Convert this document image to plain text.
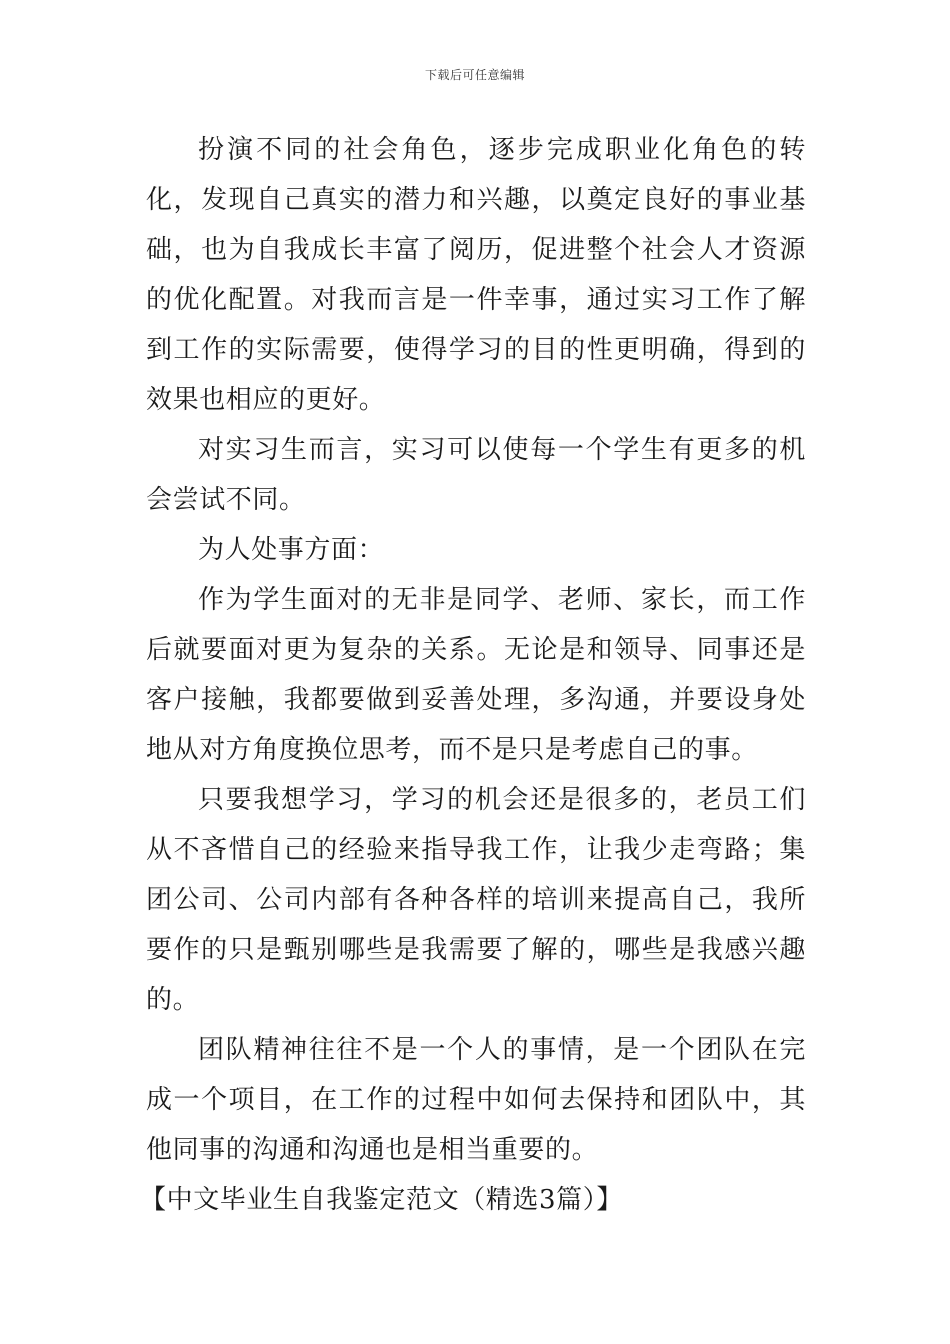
下载后可任意编辑

扮演不同的社会角色，逐步完成职业化角色的转化，发现自己真实的潜力和兴趣，以奠定良好的事业基础，也为自我成长丰富了阅历，促进整个社会人才资源的优化配置。对我而言是一件幸事，通过实习工作了解到工作的实际需要，使得学习的目的性更明确，得到的效果也相应的更好。

对实习生而言，实习可以使每一个学生有更多的机会尝试不同。

为人处事方面：

作为学生面对的无非是同学、老师、家长，而工作后就要面对更为复杂的关系。无论是和领导、同事还是客户接触，我都要做到妥善处理，多沟通，并要设身处地从对方角度换位思考，而不是只是考虑自己的事。

只要我想学习，学习的机会还是很多的，老员工们从不吝惜自己的经验来指导我工作，让我少走弯路；集团公司、公司内部有各种各样的培训来提高自己，我所要作的只是甄别哪些是我需要了解的，哪些是我感兴趣的。

团队精神往往不是一个人的事情，是一个团队在完成一个项目，在工作的过程中如何去保持和团队中，其他同事的沟通和沟通也是相当重要的。

【中文毕业生自我鉴定范文（精选3篇）】
